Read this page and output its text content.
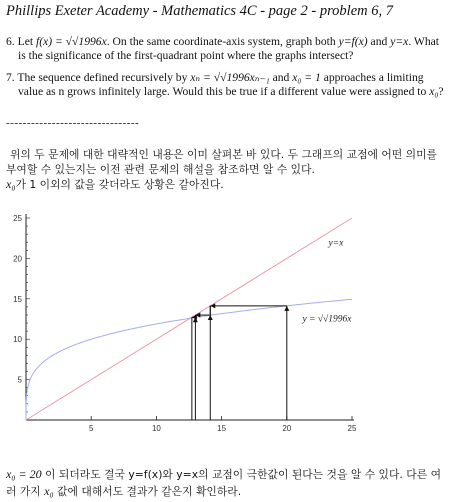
Phillips Exeter Academy - Mathematics 4C - page 2 - problem 6, 7
6. Let f(x) = √√1996x. On the same coordinate-axis system, graph both y=f(x) and y=x. What
is the significance of the first-quadrant point where the graphs intersect?
7. The sequence defined recursively by xₙ = √√1996xₙ₋₁ and x₀ = 1 approaches a limiting
value as n grows infinitely large. Would this be true if a different value were assigned to x₀?
--------------------------------
위의 두 문제에 대한 대략적인 내용은 이미 살펴본 바 있다. 두 그래프의 교점에 어떤 의미를
부여할 수 있는지는 이전 관련 문제의 해설을 참조하면 알 수 있다.
x₀가 1 이외의 값을 갖더라도 상황은 같아진다.
5	10	15	20	25
5
10
15
20
25
y=x
y = √√1996x
x₀ = 20 이 되더라도 결국 y=f(x)와 y=x의 교점이 극한값이 된다는 것을 알 수 있다. 다른 여
러 가지 x₀ 값에 대해서도 결과가 같은지 확인하라.
